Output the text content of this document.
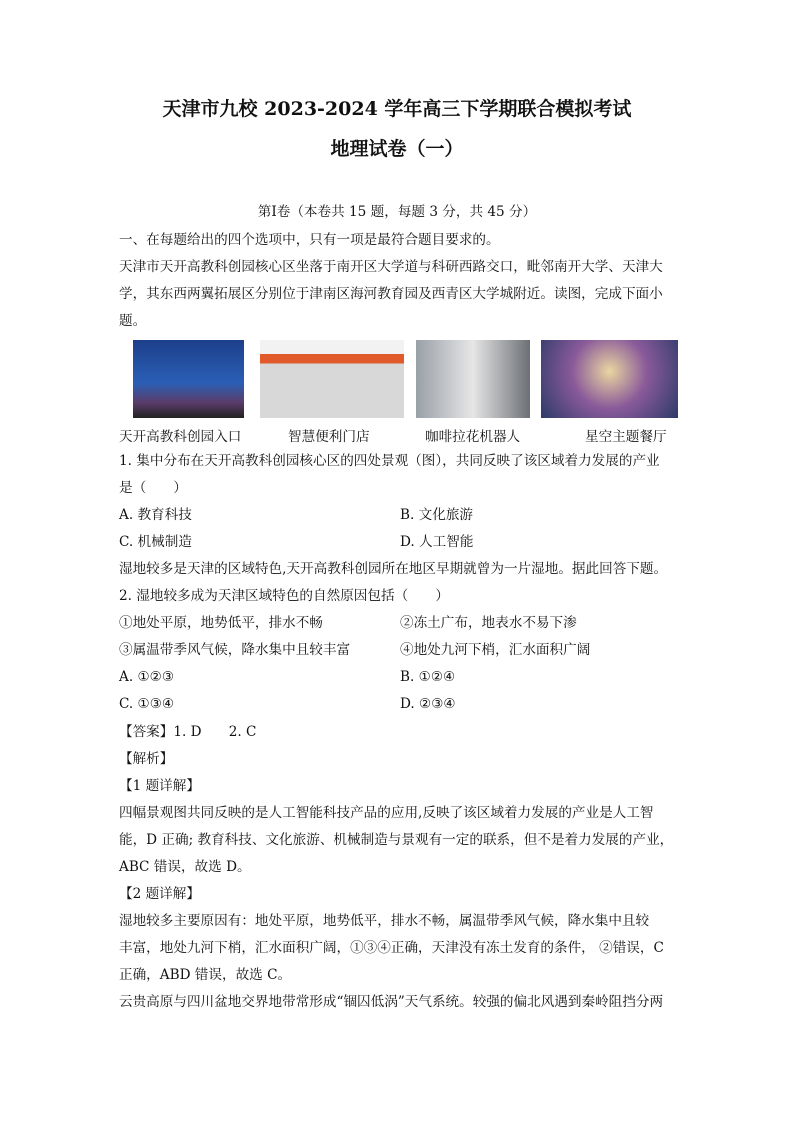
天津市九校 2023-2024 学年高三下学期联合模拟考试
地理试卷（一）
第Ⅰ卷（本卷共 15 题，每题 3 分，共 45 分）
一、在每题给出的四个选项中，只有一项是最符合题目要求的。
天津市天开高教科创园核心区坐落于南开区大学道与科研西路交口，毗邻南开大学、天津大
学，其东西两翼拓展区分别位于津南区海河教育园及西青区大学城附近。读图，完成下面小
题。
天开高教科创园入口	智慧便利门店	咖啡拉花机器人	星空主题餐厅
1. 集中分布在天开高教科创园核心区的四处景观（图），共同反映了该区域着力发展的产业
是（　　）
A. 教育科技	B. 文化旅游
C. 机械制造	D. 人工智能
湿地较多是天津的区域特色,天开高教科创园所在地区早期就曾为一片湿地。据此回答下题。
2. 湿地较多成为天津区域特色的自然原因包括（　　）
①地处平原，地势低平，排水不畅	②冻土广布，地表水不易下渗
③属温带季风气候，降水集中且较丰富	④地处九河下梢，汇水面积广阔
A. ①②③	B. ①②④
C. ①③④	D. ②③④
【答案】1. D　　2. C
【解析】
【1 题详解】
四幅景观图共同反映的是人工智能科技产品的应用,反映了该区域着力发展的产业是人工智
能，D 正确; 教育科技、文化旅游、机械制造与景观有一定的联系，但不是着力发展的产业，
ABC 错误，故选 D。
【2 题详解】
湿地较多主要原因有：地处平原，地势低平，排水不畅，属温带季风气候，降水集中且较
丰富，地处九河下梢，汇水面积广阔，①③④正确，天津没有冻土发育的条件， ②错误，C
正确，ABD 错误，故选 C。
云贵高原与四川盆地交界地带常形成“锢囚低涡”天气系统。较强的偏北风遇到秦岭阻挡分两
